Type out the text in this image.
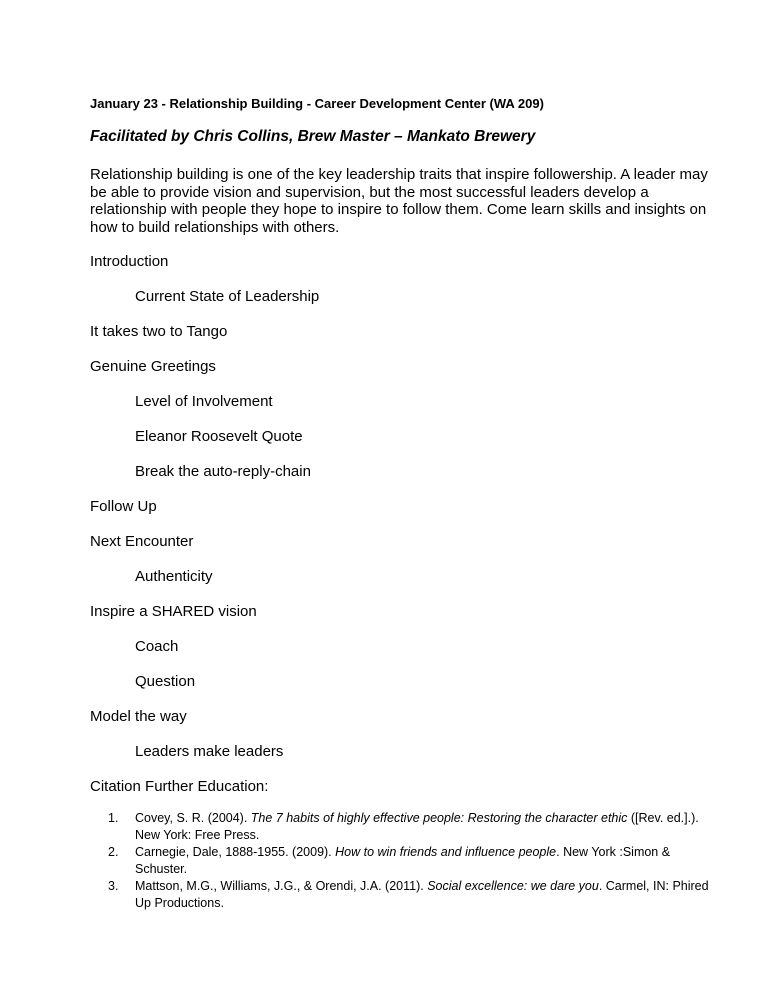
January 23 - Relationship Building - Career Development Center (WA 209)

Facilitated by Chris Collins, Brew Master – Mankato Brewery

Relationship building is one of the key leadership traits that inspire followership. A leader may be able to provide vision and supervision, but the most successful leaders develop a relationship with people they hope to inspire to follow them. Come learn skills and insights on how to build relationships with others.

Introduction

Current State of Leadership

It takes two to Tango

Genuine Greetings

Level of Involvement

Eleanor Roosevelt Quote

Break the auto-reply-chain

Follow Up

Next Encounter

Authenticity

Inspire a SHARED vision

Coach

Question

Model the way

Leaders make leaders

Citation Further Education:

1.	Covey, S. R. (2004). The 7 habits of highly effective people: Restoring the character ethic ([Rev. ed.].). New York: Free Press.
2.	Carnegie, Dale, 1888-1955. (2009). How to win friends and influence people. New York :Simon & Schuster.
3.	Mattson, M.G., Williams, J.G., & Orendi, J.A. (2011). Social excellence: we dare you. Carmel, IN: Phired Up Productions.
